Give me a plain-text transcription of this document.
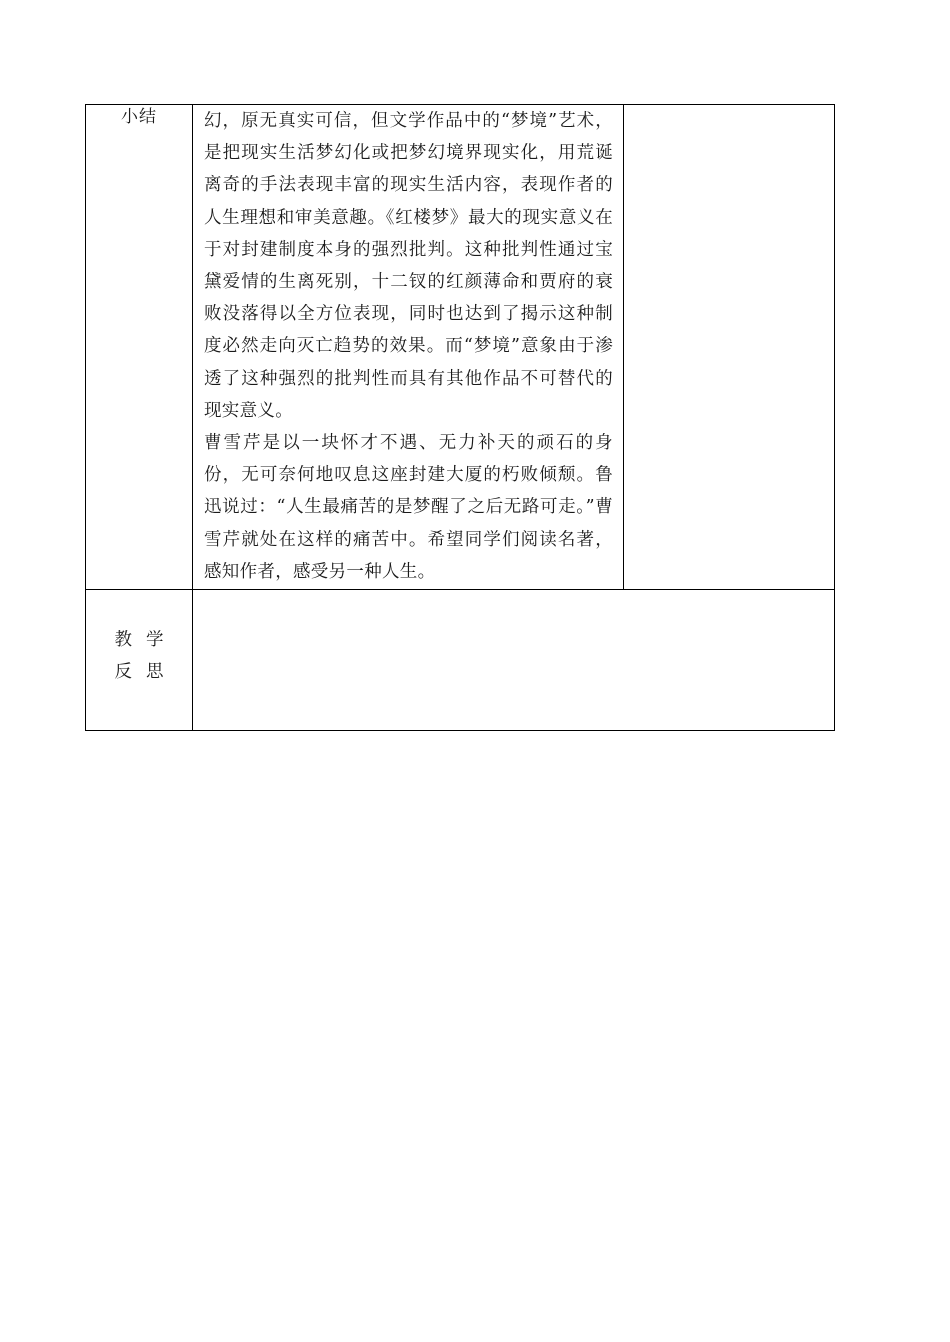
小结	幻，原无真实可信，但文学作品中的“梦境”艺术，是把现实生活梦幻化或把梦幻境界现实化，用荒诞离奇的手法表现丰富的现实生活内容，表现作者的人生理想和审美意趣。《红楼梦》最大的现实意义在于对封建制度本身的强烈批判。这种批判性通过宝黛爱情的生离死别，十二钗的红颜薄命和贾府的衰败没落得以全方位表现，同时也达到了揭示这种制度必然走向灭亡趋势的效果。而“梦境”意象由于渗透了这种强烈的批判性而具有其他作品不可替代的现实意义。

曹雪芹是以一块怀才不遇、无力补天的顽石的身份，无可奈何地叹息这座封建大厦的朽败倾颓。鲁迅说过：“人生最痛苦的是梦醒了之后无路可走。”曹雪芹就处在这样的痛苦中。希望同学们阅读名著，感知作者，感受另一种人生。	

教学
反思		
